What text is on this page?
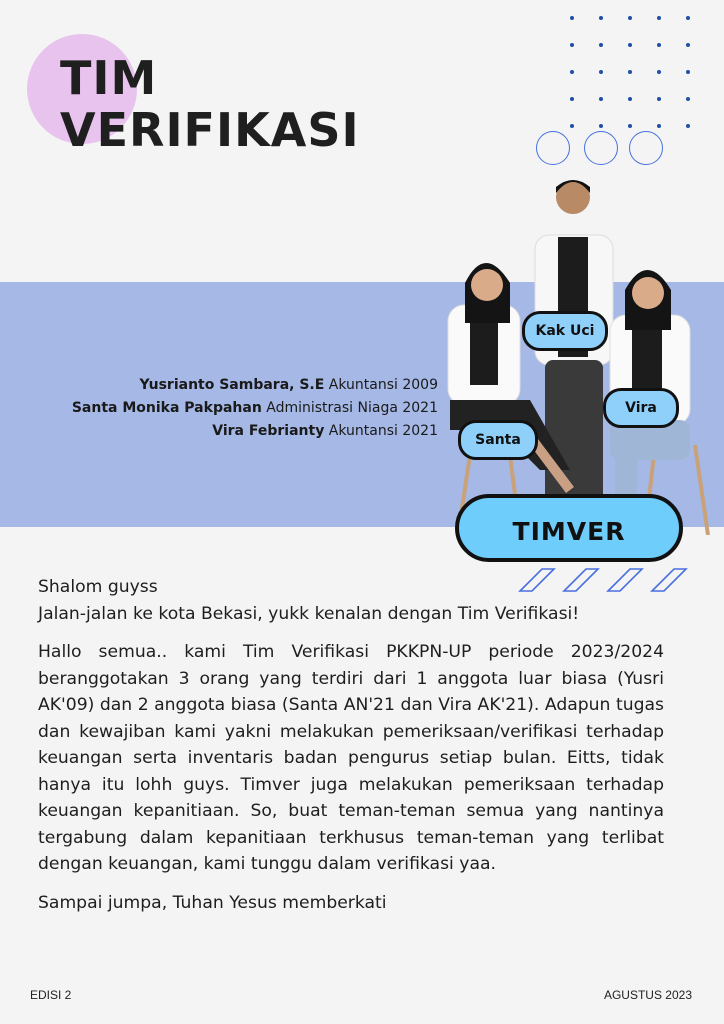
TIM
VERIFIKASI
Yusrianto Sambara, S.E Akuntansi 2009
Santa Monika Pakpahan Administrasi Niaga 2021
Vira Febrianty Akuntansi 2021
Kak Uci
Santa
Vira
TIMVER

Shalom guyss

Jalan-jalan ke kota Bekasi, yukk kenalan dengan Tim Verifikasi!

Hallo semua.. kami Tim Verifikasi PKKPN-UP periode 2023/2024 beranggotakan 3 orang yang terdiri dari 1 anggota luar biasa (Yusri AK'09) dan 2 anggota biasa (Santa AN'21 dan Vira AK'21). Adapun tugas dan kewajiban kami yakni melakukan pemeriksaan/verifikasi terhadap keuangan serta inventaris badan pengurus setiap bulan. Eitts, tidak hanya itu lohh guys. Timver juga melakukan pemeriksaan terhadap keuangan kepanitiaan. So, buat teman-teman semua yang nantinya tergabung dalam kepanitiaan terkhusus teman-teman yang terlibat dengan keuangan, kami tunggu dalam verifikasi yaa.

Sampai jumpa, Tuhan Yesus memberkati

EDISI 2	AGUSTUS 2023
